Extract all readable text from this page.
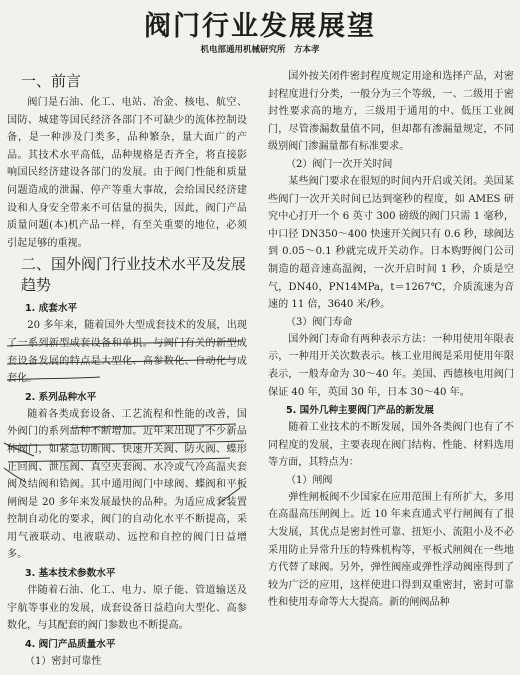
阀门行业发展展望
机电部通用机械研究所　方本孝
一、前言

阀门是石油、化工、电站、冶金、核电、航空、国防、城建等国民经济各部门不可缺少的流体控制设备，是一种涉及门类多，品种繁杂，量大面广的产品。其技术水平高低，品种规格是否齐全，将直接影响国民经济建设各部门的发展。由于阀门性能和质量问题造成的泄漏、停产等重大事故，会给国民经济建设和人身安全带来不可估量的损失，因此，阀门产品质量问题(本)机产品一样，有至关重要的地位，必须引起足够的重视。

二、国外阀门行业技术水平及发展趋势
1. 成套水平

20 多年来，随着国外大型成套技术的发展，出现了一系列新型成套设备和单机。与阀门有关的新型成套设备发展的特点是大型化、高参数化、自动化与成套化。

2. 系列品种水平

随着各类成套设备、工艺流程和性能的改善，国外阀门的系列品种不断增加。近年来出现了不少新品种阀门，如紧急切断阀、快速开关阀、防火阀、蝶形止回阀、泄压阀、真空夹套阀、水冷或气冷高温夹套阀及结阀和锆阀。其中通用阀门中球阀、蝶阀和平板闸阀是 20 多年来发展最快的品种。为适应成套装置控制自动化的要求，阀门的自动化水平不断提高，采用气液联动、电液联动、远控和自控的阀门日益增多。

3. 基本技术参数水平

伴随着石油、化工、电力、原子能、管道输送及宇航等事业的发展，成套设备日益趋向大型化、高参数化，与其配套的阀门参数也不断提高。

4. 阀门产品质量水平
（1）密封可靠性

国外按关闭件密封程度规定用途和选择产品，对密封程度进行分类，一般分为三个等级，一、二级用于密封性要求高的地方，三级用于通用的中、低压工业阀门，尽管渗漏数量值不同，但却都有渗漏量规定，不同级别阀门渗漏量都有标准要求。

（2）阀门一次开关时间

某些阀门要求在很短的时间内开启或关闭。美国某些阀门一次开关时间已达到毫秒的程度，如 AMES 研究中心打开一个 6 英寸 300 磅级的阀门只需 1 毫秒，中口径 DN350～400 快速开关阀只有 0.6 秒，球阀达到 0.05～0.1 秒就完成开关动作。日本购野阀门公司制造的超音速高温阀，一次开启时间 1 秒，介质是空气，DN40，PN14MPa，t＝1267℃，介质流速为音速的 11 倍，3640 米/秒。

（3）阀门寿命

国外阀门寿命有两种表示方法：一种用使用年限表示，一种用开关次数表示。核工业用阀是采用使用年限表示，一般寿命为 30～40 年。美国、西德核电用阀门保证 40 年，英国 30 年，日本 30～40 年。

5. 国外几种主要阀门产品的新发展

随着工业技术的不断发展，国外各类阀门也有了不同程度的发展，主要表现在阀门结构、性能、材料选用等方面，其特点为：

（1）闸阀

弹性闸板阀不少国家在应用范围上有所扩大，多用在高温高压闸阀上。近 10 年来直通式平行闸阀有了很大发展，其优点是密封性可靠、扭矩小、流阻小及不必采用防止异常升压的特殊机构等，平板式闸阀在一些地方代替了球阀。另外，弹性阀座或弹性浮动阀座得到了较为广泛的应用，这样使进口得到双重密封，密封可靠性和使用寿命等大大提高。新的闸阀品种
